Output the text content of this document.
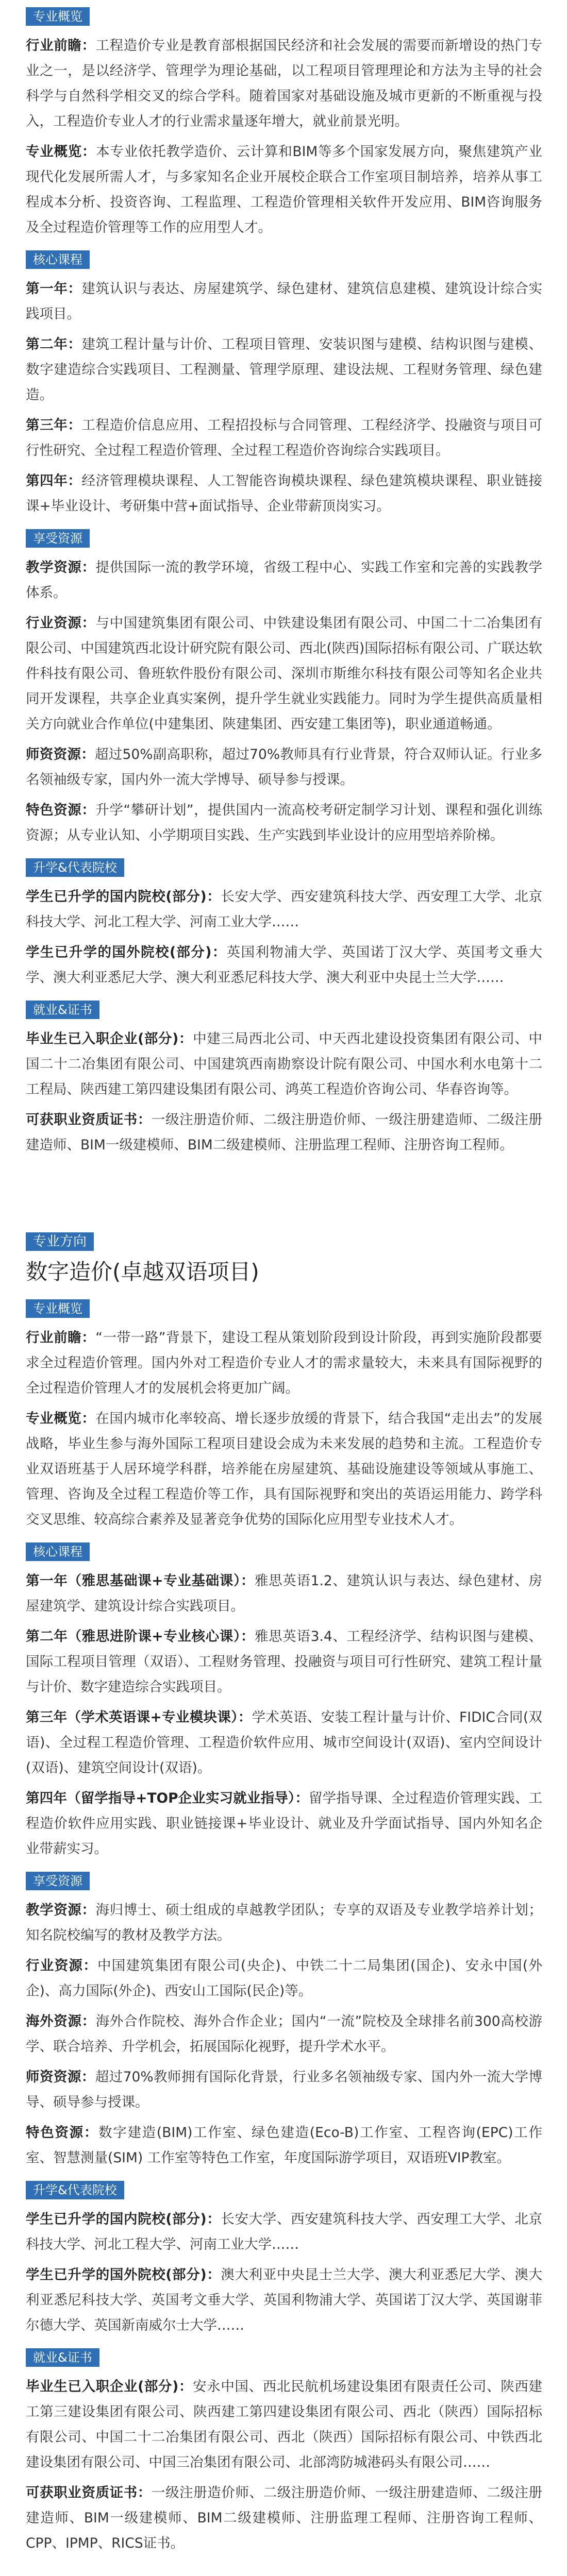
专业概览

行业前瞻：工程造价专业是教育部根据国民经济和社会发展的需要而新增设的热门专业之一，是以经济学、管理学为理论基础，以工程项目管理理论和方法为主导的社会科学与自然科学相交叉的综合学科。随着国家对基础设施及城市更新的不断重视与投入，工程造价专业人才的行业需求量逐年增大，就业前景光明。

专业概览：本专业依托教学造价、云计算和BIM等多个国家发展方向，聚焦建筑产业现代化发展所需人才，与多家知名企业开展校企联合工作室项目制培养，培养从事工程成本分析、投资咨询、工程监理、工程造价管理相关软件开发应用、BIM咨询服务及全过程造价管理等工作的应用型人才。

核心课程

第一年：建筑认识与表达、房屋建筑学、绿色建材、建筑信息建模、建筑设计综合实践项目。

第二年：建筑工程计量与计价、工程项目管理、安装识图与建模、结构识图与建模、数字建造综合实践项目、工程测量、管理学原理、建设法规、工程财务管理、绿色建造。

第三年：工程造价信息应用、工程招投标与合同管理、工程经济学、投融资与项目可行性研究、全过程工程造价管理、全过程工程造价咨询综合实践项目。

第四年：经济管理模块课程、人工智能咨询模块课程、绿色建筑模块课程、职业链接课+毕业设计、考研集中营+面试指导、企业带薪顶岗实习。

享受资源

教学资源：提供国际一流的教学环境，省级工程中心、实践工作室和完善的实践教学体系。

行业资源：与中国建筑集团有限公司、中铁建设集团有限公司、中国二十二冶集团有限公司、中国建筑西北设计研究院有限公司、西北(陕西)国际招标有限公司、广联达软件科技有限公司、鲁班软件股份有限公司、深圳市斯维尔科技有限公司等知名企业共同开发课程，共享企业真实案例，提升学生就业实践能力。同时为学生提供高质量相关方向就业合作单位(中建集团、陕建集团、西安建工集团等)，职业通道畅通。

师资资源：超过50%副高职称，超过70%教师具有行业背景，符合双师认证。行业多名领袖级专家，国内外一流大学博导、硕导参与授课。

特色资源：升学“攀研计划”，提供国内一流高校考研定制学习计划、课程和强化训练资源；从专业认知、小学期项目实践、生产实践到毕业设计的应用型培养阶梯。

升学&代表院校

学生已升学的国内院校(部分)：长安大学、西安建筑科技大学、西安理工大学、北京科技大学、河北工程大学、河南工业大学……

学生已升学的国外院校(部分)：英国利物浦大学、英国诺丁汉大学、英国考文垂大学、澳大利亚悉尼大学、澳大利亚悉尼科技大学、澳大利亚中央昆士兰大学……

就业&证书

毕业生已入职企业(部分)：中建三局西北公司、中天西北建设投资集团有限公司、中国二十二冶集团有限公司、中国建筑西南勘察设计院有限公司、中国水利水电第十二工程局、陕西建工第四建设集团有限公司、鸿英工程造价咨询公司、华春咨询等。

可获职业资质证书：一级注册造价师、二级注册造价师、一级注册建造师、二级注册建造师、BIM一级建模师、BIM二级建模师、注册监理工程师、注册咨询工程师。

专业方向
数字造价(卓越双语项目)
专业概览

行业前瞻：“一带一路”背景下，建设工程从策划阶段到设计阶段，再到实施阶段都要求全过程造价管理。国内外对工程造价专业人才的需求量较大，未来具有国际视野的全过程造价管理人才的发展机会将更加广阔。

专业概览：在国内城市化率较高、增长逐步放缓的背景下，结合我国“走出去”的发展战略，毕业生参与海外国际工程项目建设会成为未来发展的趋势和主流。工程造价专业双语班基于人居环境学科群，培养能在房屋建筑、基础设施建设等领域从事施工、管理、咨询及全过程工程造价等工作，具有国际视野和突出的英语运用能力、跨学科交叉思维、较高综合素养及显著竞争优势的国际化应用型专业技术人才。

核心课程

第一年（雅思基础课+专业基础课）：雅思英语1.2、建筑认识与表达、绿色建材、房屋建筑学、建筑设计综合实践项目。

第二年（雅思进阶课+专业核心课）：雅思英语3.4、工程经济学、结构识图与建模、国际工程项目管理（双语）、工程财务管理、投融资与项目可行性研究、建筑工程计量与计价、数字建造综合实践项目。

第三年（学术英语课+专业模块课）：学术英语、安装工程计量与计价、FIDIC合同(双语)、全过程工程造价管理、工程造价软件应用、城市空间设计(双语)、室内空间设计(双语)、建筑空间设计(双语)。

第四年（留学指导+TOP企业实习就业指导）：留学指导课、全过程造价管理实践、工程造价软件应用实践、职业链接课+毕业设计、就业及升学面试指导、国内外知名企业带薪实习。

享受资源

教学资源：海归博士、硕士组成的卓越教学团队；专享的双语及专业教学培养计划；知名院校编写的教材及教学方法。

行业资源：中国建筑集团有限公司(央企)、中铁二十二局集团(国企)、安永中国(外企)、高力国际(外企)、西安山工国际(民企)等。

海外资源：海外合作院校、海外合作企业；国内“一流”院校及全球排名前300高校游学、联合培养、升学机会，拓展国际化视野，提升学术水平。

师资资源：超过70%教师拥有国际化背景，行业多名领袖级专家、国内外一流大学博导、硕导参与授课。

特色资源：数字建造(BIM)工作室、绿色建造(Eco-B)工作室、工程咨询(EPC)工作室、智慧测量(SIM) 工作室等特色工作室，年度国际游学项目，双语班VIP教室。

升学&代表院校

学生已升学的国内院校(部分)：长安大学、西安建筑科技大学、西安理工大学、北京科技大学、河北工程大学、河南工业大学……

学生已升学的国外院校(部分)：澳大利亚中央昆士兰大学、澳大利亚悉尼大学、澳大利亚悉尼科技大学、英国考文垂大学、英国利物浦大学、英国诺丁汉大学、英国谢菲尔德大学、英国新南威尔士大学……

就业&证书

毕业生已入职企业(部分)：安永中国、西北民航机场建设集团有限责任公司、陕西建工第三建设集团有限公司、陕西建工第四建设集团有限公司、西北（陕西）国际招标有限公司、中国二十二冶集团有限公司、西北（陕西）国际招标有限公司、中铁西北建设集团有限公司、中国三冶集团有限公司、北部湾防城港码头有限公司……

可获职业资质证书：一级注册造价师、二级注册造价师、一级注册建造师、二级注册建造师、BIM一级建模师、BIM二级建模师、注册监理工程师、注册咨询工程师、CPP、IPMP、RICS证书。
